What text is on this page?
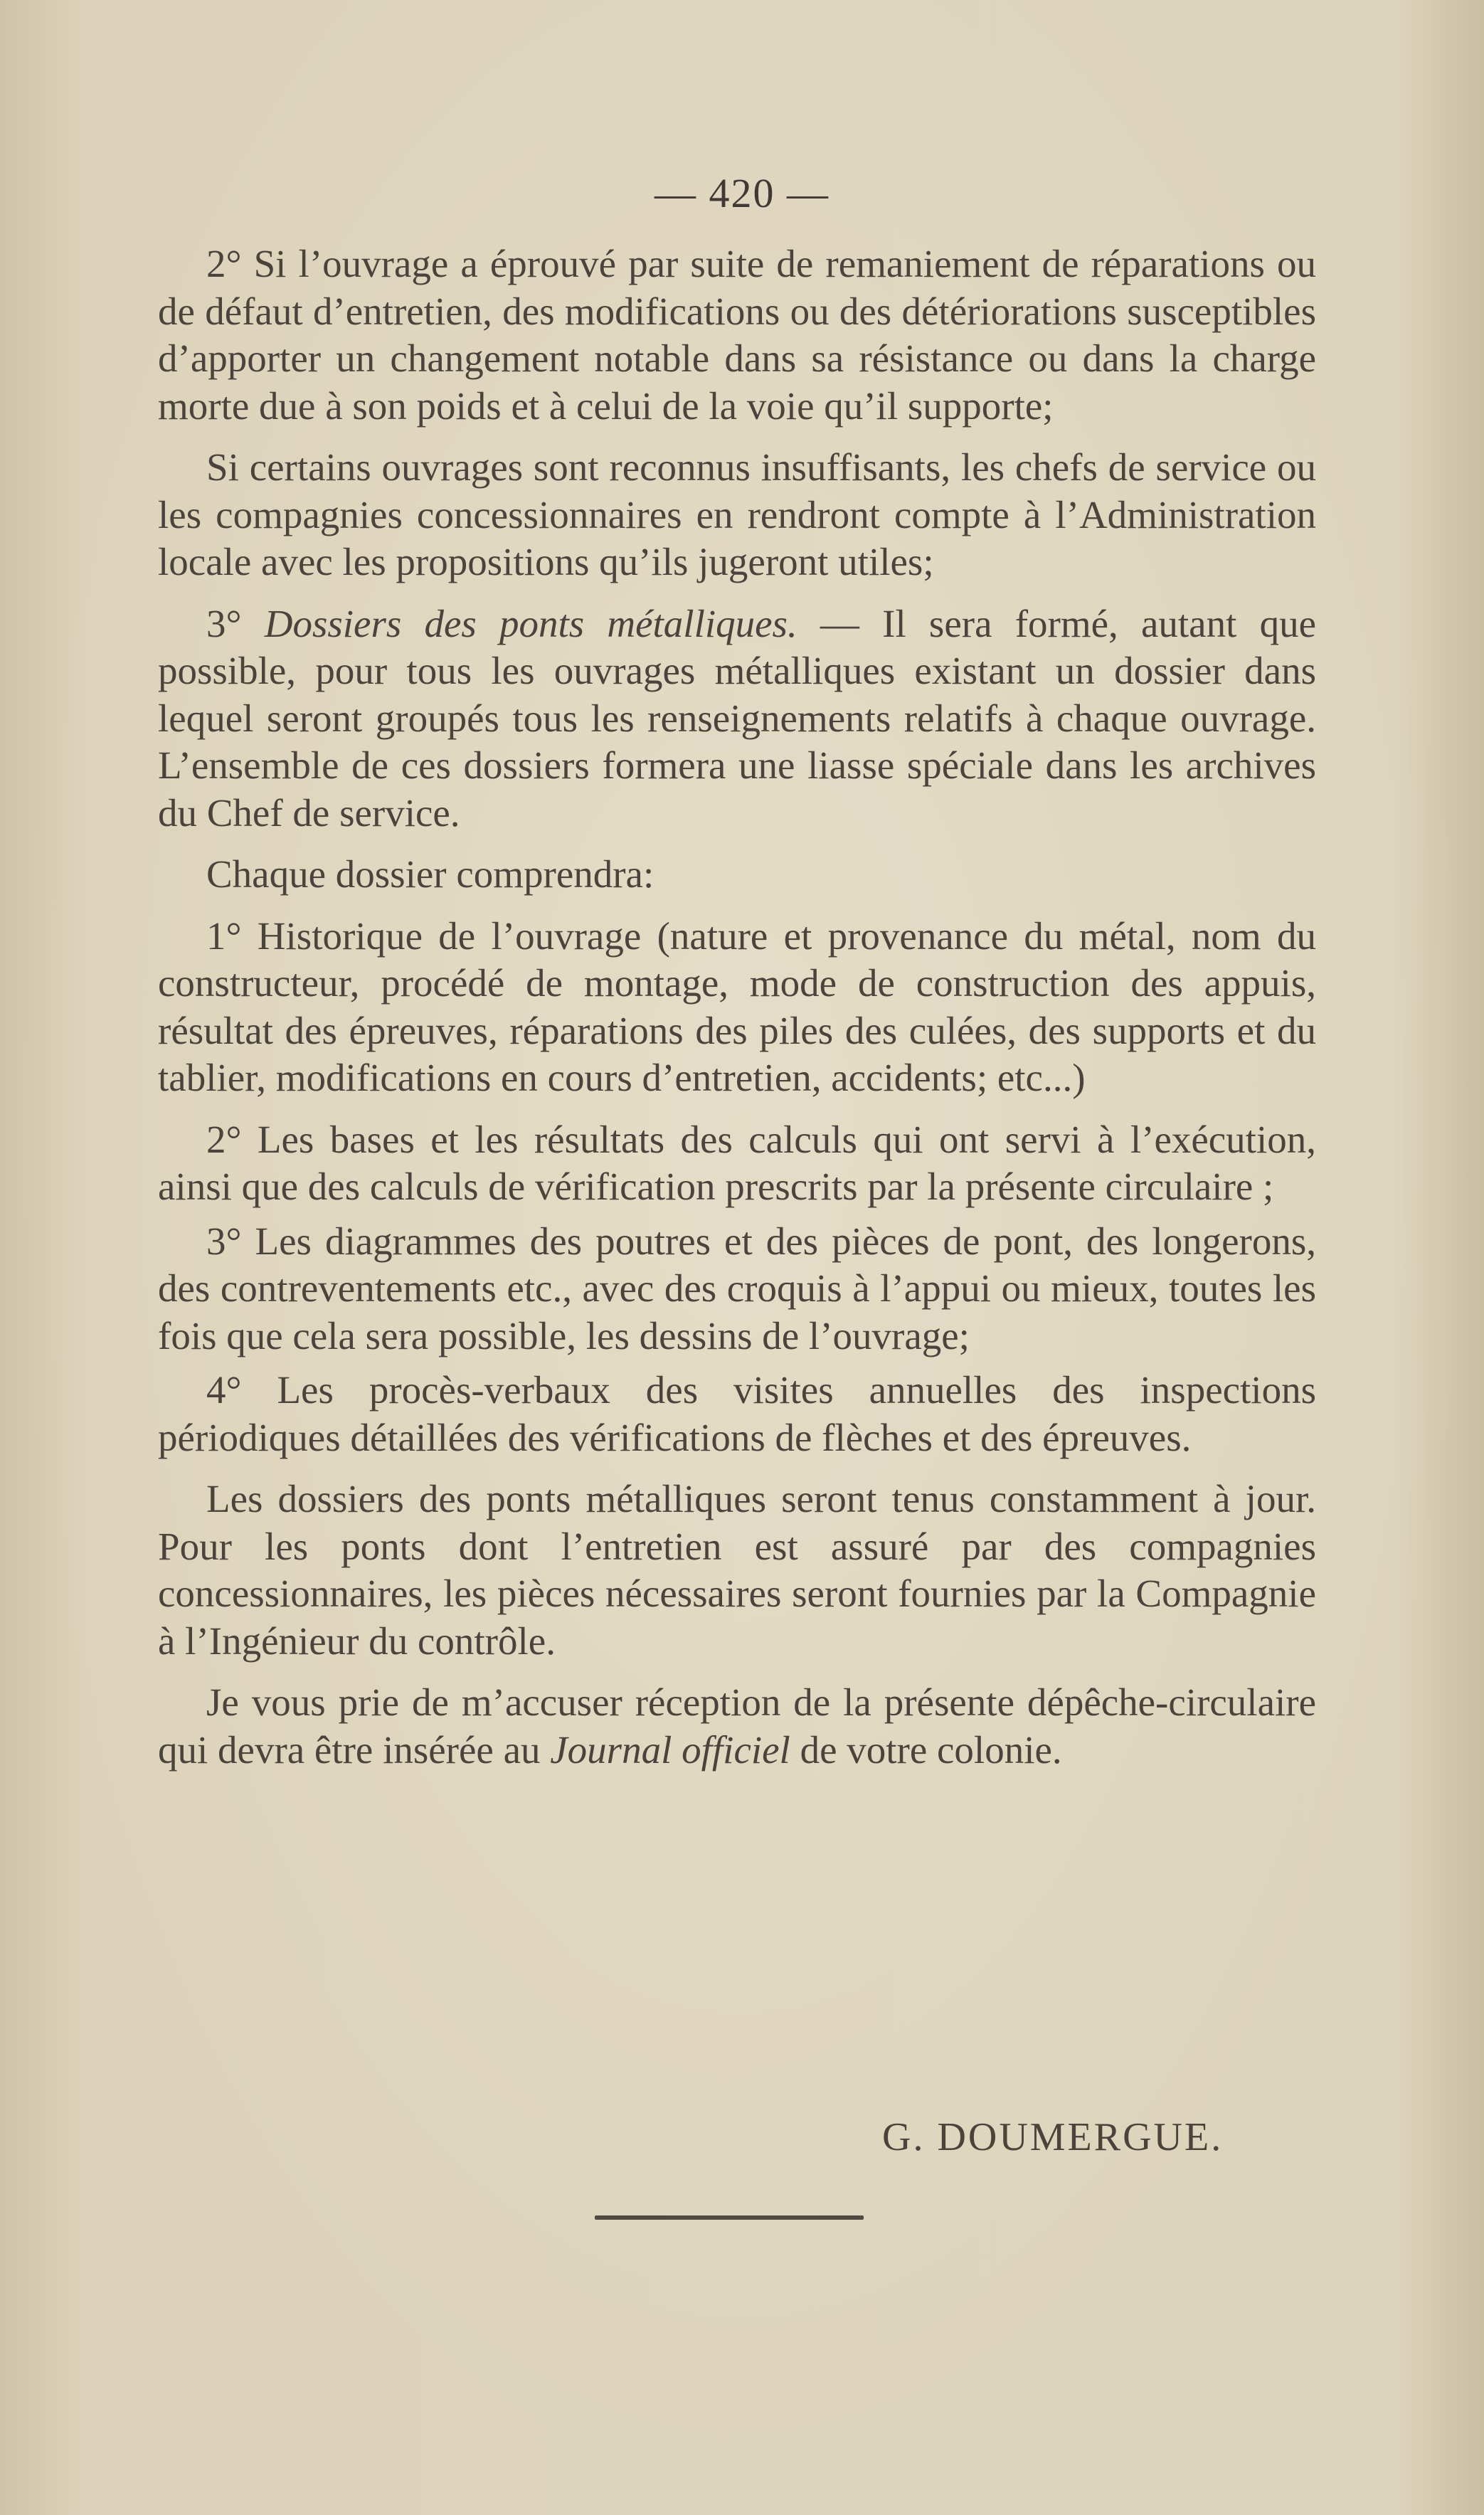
— 420 —

2° Si l’ouvrage a éprouvé par suite de remaniement de réparations ou de défaut d’entretien, des modifications ou des détériorations susceptibles d’apporter un changement notable dans sa résistance ou dans la charge morte due à son poids et à celui de la voie qu’il supporte;

Si certains ouvrages sont reconnus insuffisants, les chefs de service ou les compagnies concessionnaires en rendront compte à l’Administration locale avec les propositions qu’ils jugeront utiles;

3° Dossiers des ponts métalliques. — Il sera formé, autant que possible, pour tous les ouvrages métalliques existant un dossier dans lequel seront groupés tous les renseignements relatifs à chaque ouvrage. L’ensemble de ces dossiers formera une liasse spéciale dans les archives du Chef de service.

Chaque dossier comprendra:

1° Historique de l’ouvrage (nature et provenance du métal, nom du constructeur, procédé de montage, mode de construction des appuis, résultat des épreuves, réparations des piles des culées, des supports et du tablier, modifications en cours d’entretien, accidents; etc...)

2° Les bases et les résultats des calculs qui ont servi à l’exécution, ainsi que des calculs de vérification prescrits par la présente circulaire ;

3° Les diagrammes des poutres et des pièces de pont, des longerons, des contreventements etc., avec des croquis à l’appui ou mieux, toutes les fois que cela sera possible, les dessins de l’ouvrage;

4° Les procès-verbaux des visites annuelles des inspections périodiques détaillées des vérifications de flèches et des épreuves.

Les dossiers des ponts métalliques seront tenus constamment à jour. Pour les ponts dont l’entretien est assuré par des compagnies concessionnaires, les pièces nécessaires seront fournies par la Compagnie à l’Ingénieur du contrôle.

Je vous prie de m’accuser réception de la présente dépêche-circulaire qui devra être insérée au Journal officiel de votre colonie.

G. DOUMERGUE.
